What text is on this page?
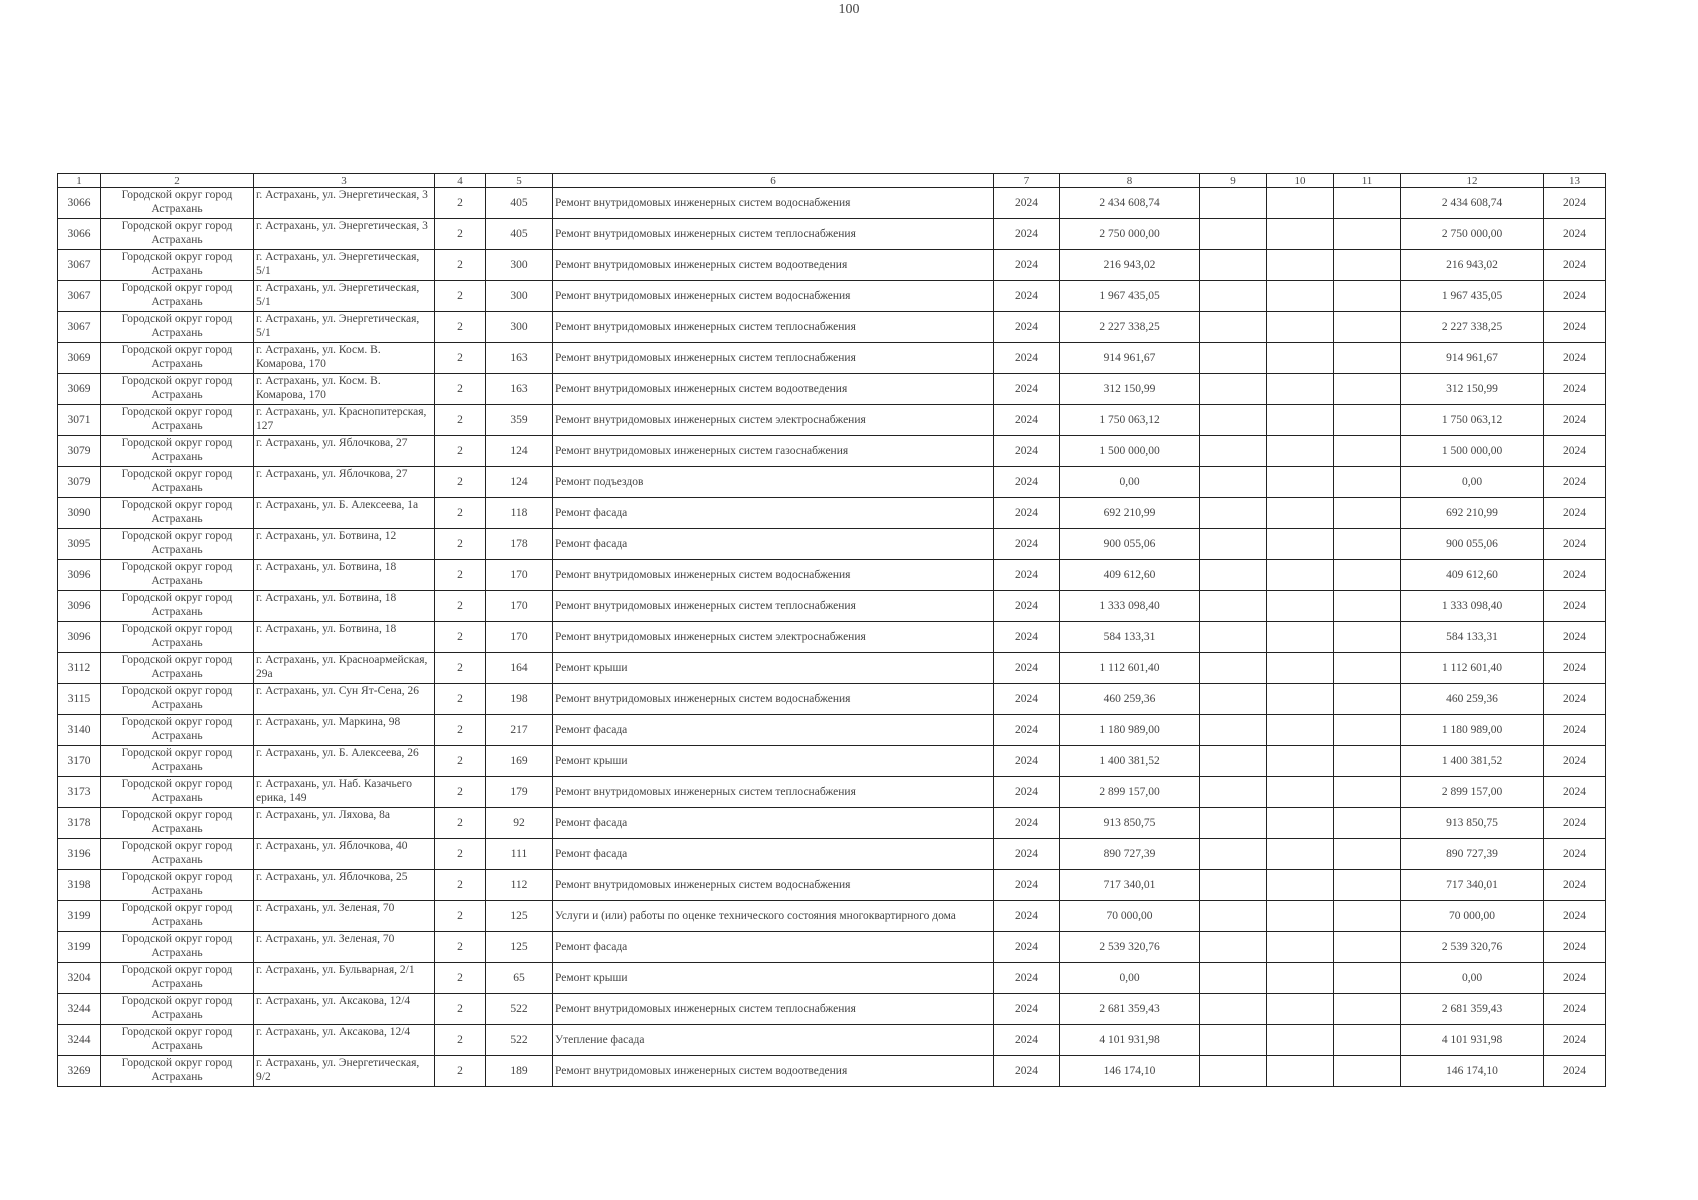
100
1	2	3	4	5	6	7	8	9	10	11	12	13
3066	Городской округ город Астрахань	г. Астрахань, ул. Энергетическая, 3	2	405	Ремонт внутридомовых инженерных систем водоснабжения	2024	2 434 608,74				2 434 608,74	2024
3066	Городской округ город Астрахань	г. Астрахань, ул. Энергетическая, 3	2	405	Ремонт внутридомовых инженерных систем теплоснабжения	2024	2 750 000,00				2 750 000,00	2024
3067	Городской округ город Астрахань	г. Астрахань, ул. Энергетическая, 5/1	2	300	Ремонт внутридомовых инженерных систем водоотведения	2024	216 943,02				216 943,02	2024
3067	Городской округ город Астрахань	г. Астрахань, ул. Энергетическая, 5/1	2	300	Ремонт внутридомовых инженерных систем водоснабжения	2024	1 967 435,05				1 967 435,05	2024
3067	Городской округ город Астрахань	г. Астрахань, ул. Энергетическая, 5/1	2	300	Ремонт внутридомовых инженерных систем теплоснабжения	2024	2 227 338,25				2 227 338,25	2024
3069	Городской округ город Астрахань	г. Астрахань, ул. Косм. В. Комарова, 170	2	163	Ремонт внутридомовых инженерных систем теплоснабжения	2024	914 961,67				914 961,67	2024
3069	Городской округ город Астрахань	г. Астрахань, ул. Косм. В. Комарова, 170	2	163	Ремонт внутридомовых инженерных систем водоотведения	2024	312 150,99				312 150,99	2024
3071	Городской округ город Астрахань	г. Астрахань, ул. Краснопитерская, 127	2	359	Ремонт внутридомовых инженерных систем электроснабжения	2024	1 750 063,12				1 750 063,12	2024
3079	Городской округ город Астрахань	г. Астрахань, ул. Яблочкова, 27	2	124	Ремонт внутридомовых инженерных систем газоснабжения	2024	1 500 000,00				1 500 000,00	2024
3079	Городской округ город Астрахань	г. Астрахань, ул. Яблочкова, 27	2	124	Ремонт подъездов	2024	0,00				0,00	2024
3090	Городской округ город Астрахань	г. Астрахань, ул. Б. Алексеева, 1а	2	118	Ремонт фасада	2024	692 210,99				692 210,99	2024
3095	Городской округ город Астрахань	г. Астрахань, ул. Ботвина, 12	2	178	Ремонт фасада	2024	900 055,06				900 055,06	2024
3096	Городской округ город Астрахань	г. Астрахань, ул. Ботвина, 18	2	170	Ремонт внутридомовых инженерных систем водоснабжения	2024	409 612,60				409 612,60	2024
3096	Городской округ город Астрахань	г. Астрахань, ул. Ботвина, 18	2	170	Ремонт внутридомовых инженерных систем теплоснабжения	2024	1 333 098,40				1 333 098,40	2024
3096	Городской округ город Астрахань	г. Астрахань, ул. Ботвина, 18	2	170	Ремонт внутридомовых инженерных систем электроснабжения	2024	584 133,31				584 133,31	2024
3112	Городской округ город Астрахань	г. Астрахань, ул. Красноармейская, 29а	2	164	Ремонт крыши	2024	1 112 601,40				1 112 601,40	2024
3115	Городской округ город Астрахань	г. Астрахань, ул. Сун Ят-Сена, 26	2	198	Ремонт внутридомовых инженерных систем водоснабжения	2024	460 259,36				460 259,36	2024
3140	Городской округ город Астрахань	г. Астрахань, ул. Маркина, 98	2	217	Ремонт фасада	2024	1 180 989,00				1 180 989,00	2024
3170	Городской округ город Астрахань	г. Астрахань, ул. Б. Алексеева, 26	2	169	Ремонт крыши	2024	1 400 381,52				1 400 381,52	2024
3173	Городской округ город Астрахань	г. Астрахань, ул. Наб. Казачьего ерика, 149	2	179	Ремонт внутридомовых инженерных систем теплоснабжения	2024	2 899 157,00				2 899 157,00	2024
3178	Городской округ город Астрахань	г. Астрахань, ул. Ляхова, 8а	2	92	Ремонт фасада	2024	913 850,75				913 850,75	2024
3196	Городской округ город Астрахань	г. Астрахань, ул. Яблочкова, 40	2	111	Ремонт фасада	2024	890 727,39				890 727,39	2024
3198	Городской округ город Астрахань	г. Астрахань, ул. Яблочкова, 25	2	112	Ремонт внутридомовых инженерных систем водоснабжения	2024	717 340,01				717 340,01	2024
3199	Городской округ город Астрахань	г. Астрахань, ул. Зеленая, 70	2	125	Услуги и (или) работы по оценке технического состояния многоквартирного дома	2024	70 000,00				70 000,00	2024
3199	Городской округ город Астрахань	г. Астрахань, ул. Зеленая, 70	2	125	Ремонт фасада	2024	2 539 320,76				2 539 320,76	2024
3204	Городской округ город Астрахань	г. Астрахань, ул. Бульварная, 2/1	2	65	Ремонт крыши	2024	0,00				0,00	2024
3244	Городской округ город Астрахань	г. Астрахань, ул. Аксакова, 12/4	2	522	Ремонт внутридомовых инженерных систем теплоснабжения	2024	2 681 359,43				2 681 359,43	2024
3244	Городской округ город Астрахань	г. Астрахань, ул. Аксакова, 12/4	2	522	Утепление фасада	2024	4 101 931,98				4 101 931,98	2024
3269	Городской округ город Астрахань	г. Астрахань, ул. Энергетическая, 9/2	2	189	Ремонт внутридомовых инженерных систем водоотведения	2024	146 174,10				146 174,10	2024
